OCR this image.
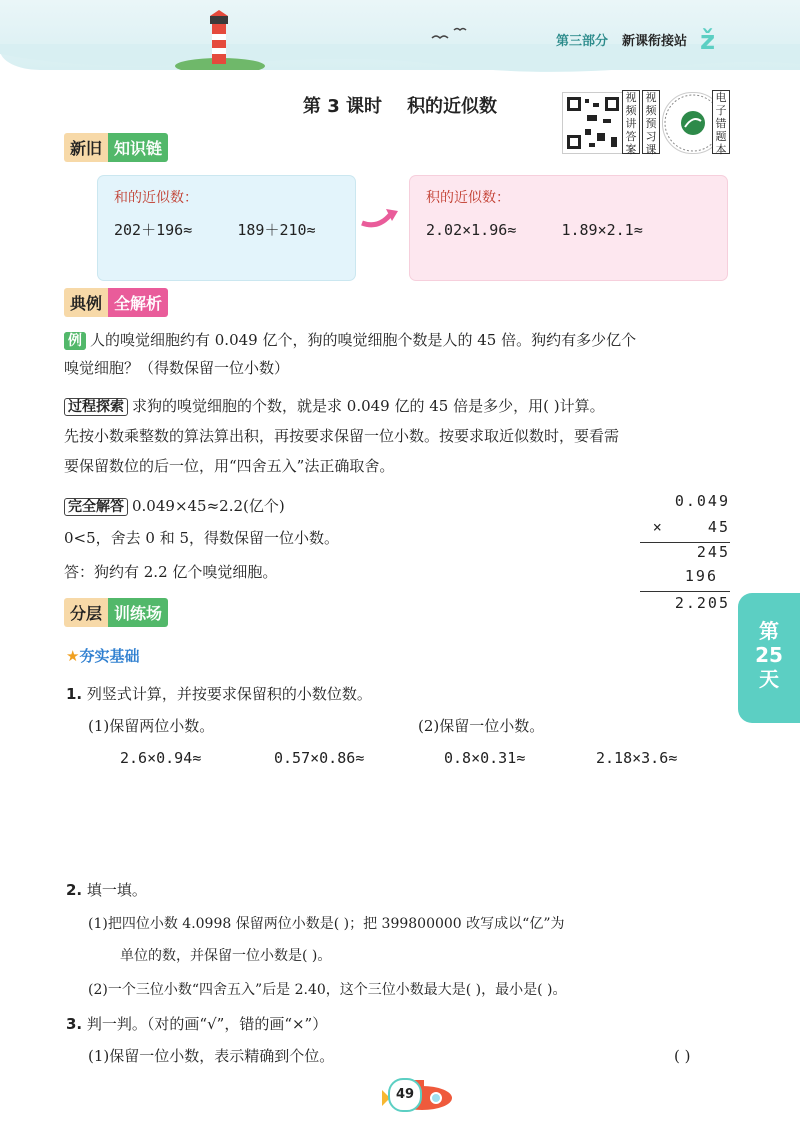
第三部分 新课衔接站 ž
第 3 课时 积的近似数	视频讲答案
视频预习课
电子错题本
新旧 知识链
和的近似数：
202＋196≈	189＋210≈
积的近似数：
2.02×1.96≈	1.89×2.1≈
典例 全解析
例 人的嗅觉细胞约有 0.049 亿个，狗的嗅觉细胞个数是人的 45 倍。狗约有多少亿个
嗅觉细胞？（得数保留一位小数）
过程探索 求狗的嗅觉细胞的个数，就是求 0.049 亿的 45 倍是多少，用( )计算。
先按小数乘整数的算法算出积，再按要求保留一位小数。按要求取近似数时，要看需
要保留数位的后一位，用“四舍五入”法正确取舍。
完全解答 0.049×45≈2.2(亿个)
0<5，舍去 0 和 5，得数保留一位小数。
答：狗约有 2.2 亿个嗅觉细胞。
0.049
×    45
245
196
2.205
分层 训练场
★夯实基础
1. 列竖式计算，并按要求保留积的小数位数。
(1)保留两位小数。	(2)保留一位小数。
2.6×0.94≈	0.57×0.86≈	0.8×0.31≈	2.18×3.6≈
2. 填一填。
(1)把四位小数 4.0998 保留两位小数是( )；把 399800000 改写成以“亿”为
单位的数，并保留一位小数是( )。
(2)一个三位小数“四舍五入”后是 2.40，这个三位小数最大是( )，最小是( )。
3. 判一判。（对的画“√”，错的画“×”）
(1)保留一位小数，表示精确到个位。	( )
第
25
天
49
